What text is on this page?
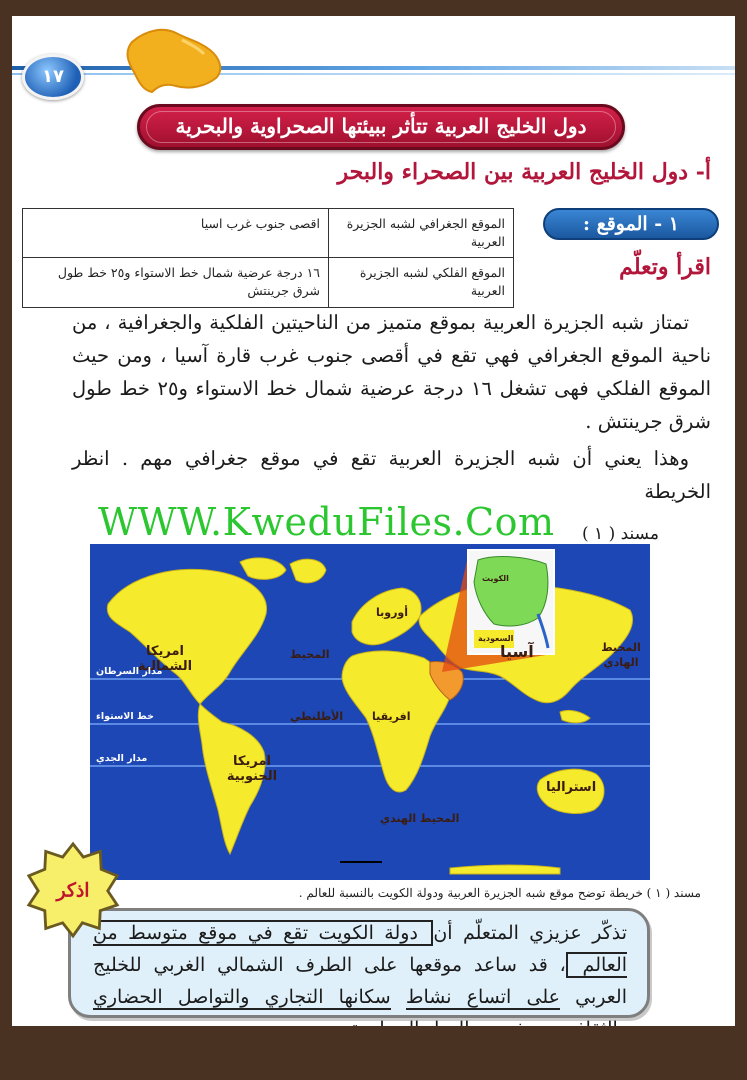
١٧
دول الخليج العربية تتأثر ببيئتها الصحراوية والبحرية
أ- دول الخليج العربية بين الصحراء والبحر
الموقع الجغرافي لشبه الجزيرة العربية	اقصى جنوب غرب اسيا
الموقع الفلكي لشبه الجزيرة العربية	١٦ درجة عرضية شمال خط الاستواء و٢٥ خط طول شرق جرينتش
١ - الموقع :
اقرأ وتعلّم

تمتاز شبه الجزيرة العربية بموقع متميز من الناحيتين الفلكية والجغرافية ، من ناحية الموقع الجغرافي فهي تقع في أقصى جنوب غرب قارة آسيا ، ومن حيث الموقع الفلكي فهى تشغل ١٦ درجة عرضية شمال خط الاستواء و٢٥ خط طول شرق جرينتش .

وهذا يعني أن شبه الجزيرة العربية تقع في موقع جغرافي مهم . انظر الخريطة

مسند ( ١ )
امريكا الشمالية
امريكا الجنوبية
أوروبا
آسيا
افريقيا
استراليا
المحيط
الأطلنطي
المحيط الهندي
المحيط الهادي
مدار السرطان
خط الاستواء
مدار الجدي
الكويت
السعودية
WWW.KweduFiles.Com
مسند ( ١ ) خريطة توضح موقع شبه الجزيرة العربية ودولة الكويت بالنسبة للعالم .
تذكّر عزيزي المتعلّم أن دولة الكويت تقع في موقع متوسط من العالم ، قد ساعد موقعها على الطرف الشمالي الغربي للخليج العربي على اتساع نشاط سكانها التجاري والتواصل الحضاري
اذكر
